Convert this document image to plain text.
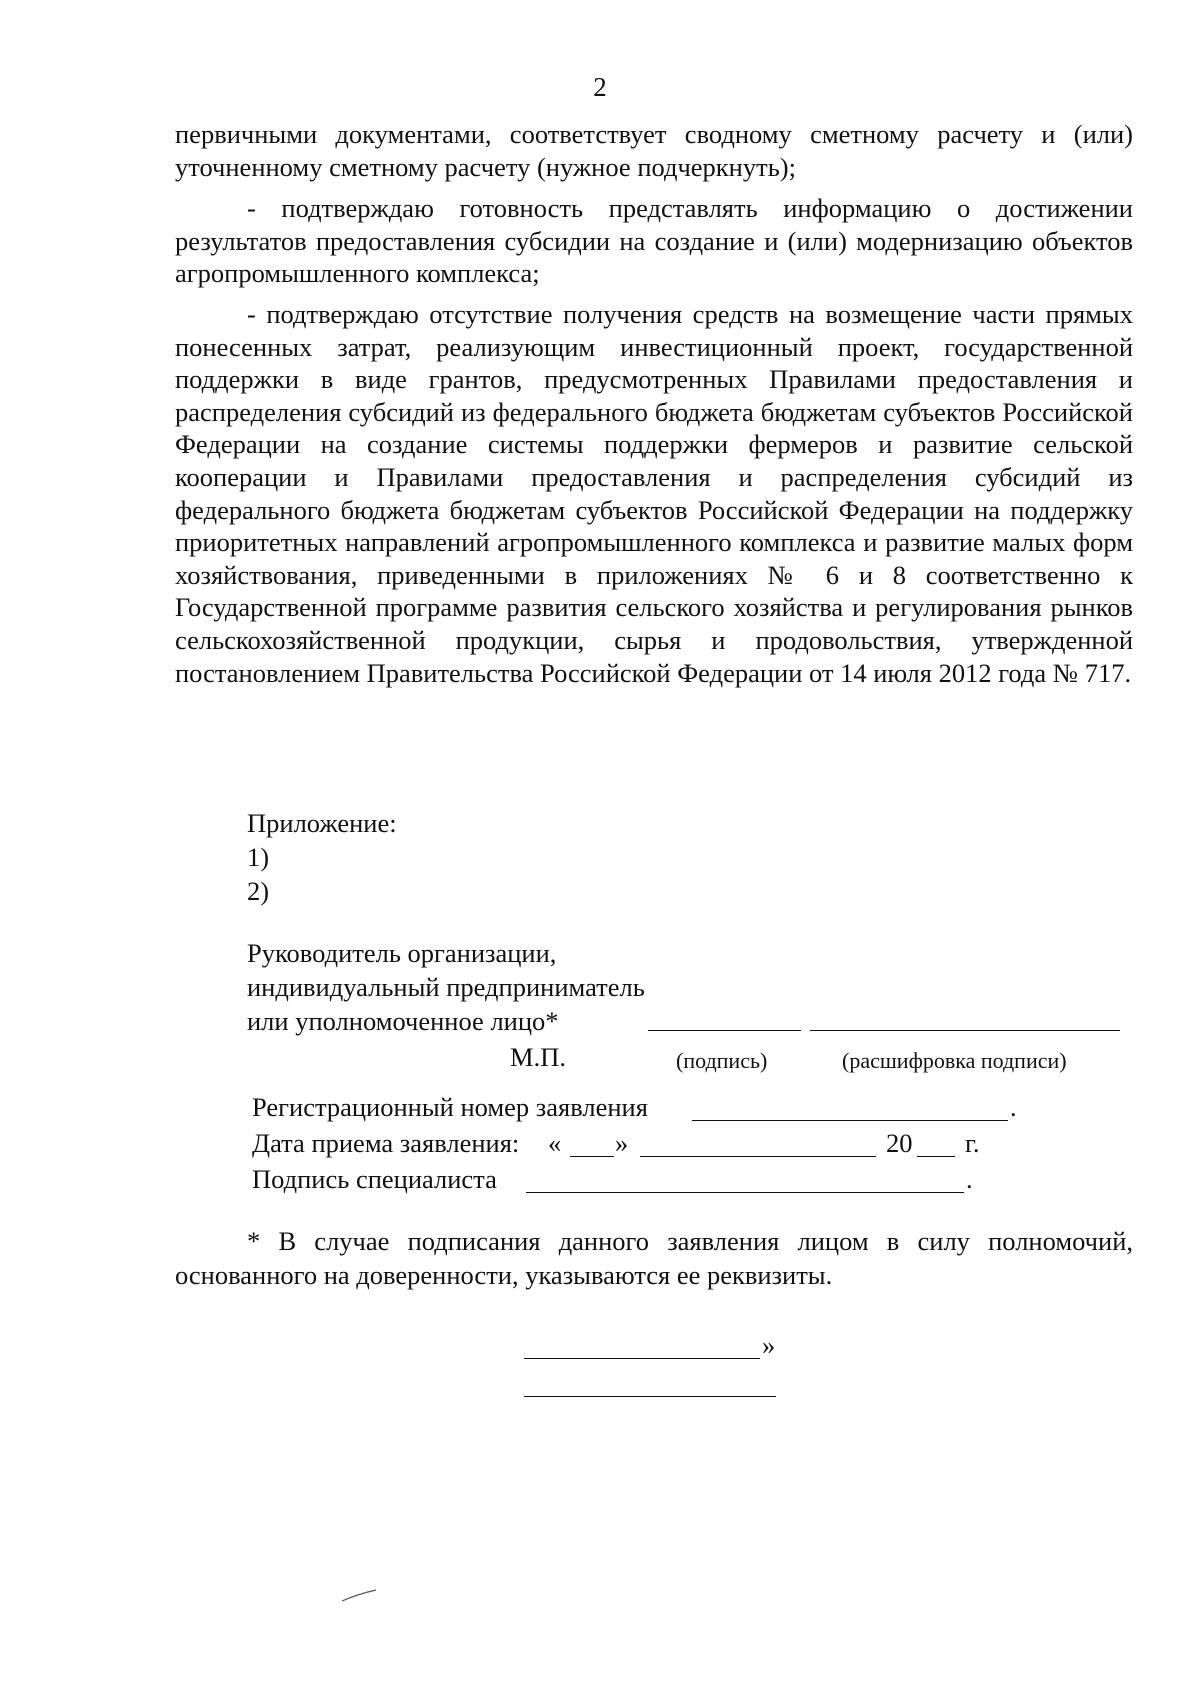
2

первичными документами, соответствует сводному сметному расчету и (или) уточненному сметному расчету (нужное подчеркнуть);

- подтверждаю готовность представлять информацию о достижении результатов предоставления субсидии на создание и (или) модернизацию объектов агропромышленного комплекса;

- подтверждаю отсутствие получения средств на возмещение части прямых понесенных затрат, реализующим инвестиционный проект, государственной поддержки в виде грантов, предусмотренных Правилами предоставления и распределения субсидий из федерального бюджета бюджетам субъектов Российской Федерации на создание системы поддержки фермеров и развитие сельской кооперации и Правилами предоставления и распределения субсидий из федерального бюджета бюджетам субъектов Российской Федерации на поддержку приоритетных направлений агропромышленного комплекса и развитие малых форм хозяйствования, приведенными в приложениях № 6 и 8 соответственно к Государственной программе развития сельского хозяйства и регулирования рынков сельскохозяйственной продукции, сырья и продовольствия, утвержденной постановлением Правительства Российской Федерации от 14 июля 2012 года № 717.

Приложение:
1)
2)
Руководитель организации,
индивидуальный предприниматель
или уполномоченное лицо*
М.П.	(подпись)	(расшифровка подписи)
Регистрационный номер заявления	.
Дата приема заявления: « »	20 г.
Подпись специалиста	.

* В случае подписания данного заявления лицом в силу полномочий, основанного на доверенности, указываются ее реквизиты.

»
